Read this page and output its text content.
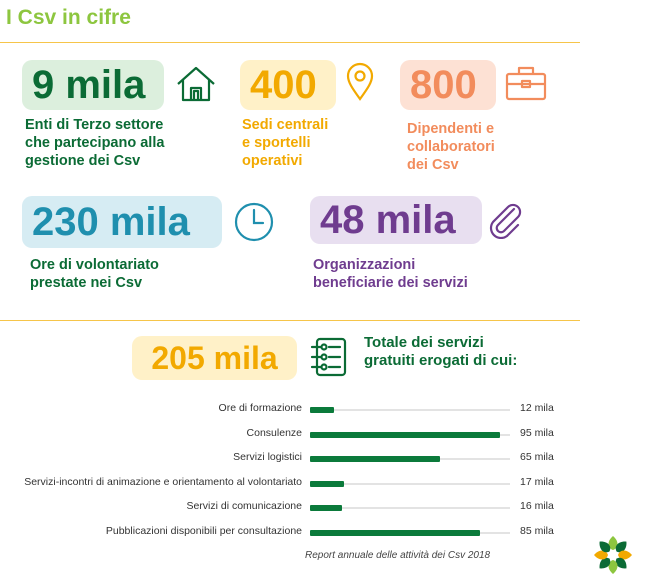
I Csv in cifre
9 mila
Enti di Terzo settore
che partecipano alla
gestione dei Csv
400
Sedi centrali
e sportelli
operativi
800
Dipendenti e
collaboratori
dei Csv
230 mila
Ore di volontariato
prestate nei Csv
48 mila
Organizzazioni
beneficiarie dei servizi
205 mila	Totale dei servizi
gratuiti erogati di cui:
Ore di formazione	12 mila
Consulenze	95 mila
Servizi logistici	65 mila
Servizi-incontri di animazione e orientamento al volontariato	17 mila
Servizi di comunicazione	16 mila
Pubblicazioni disponibili per consultazione	85 mila
Report annuale delle attività dei Csv 2018
